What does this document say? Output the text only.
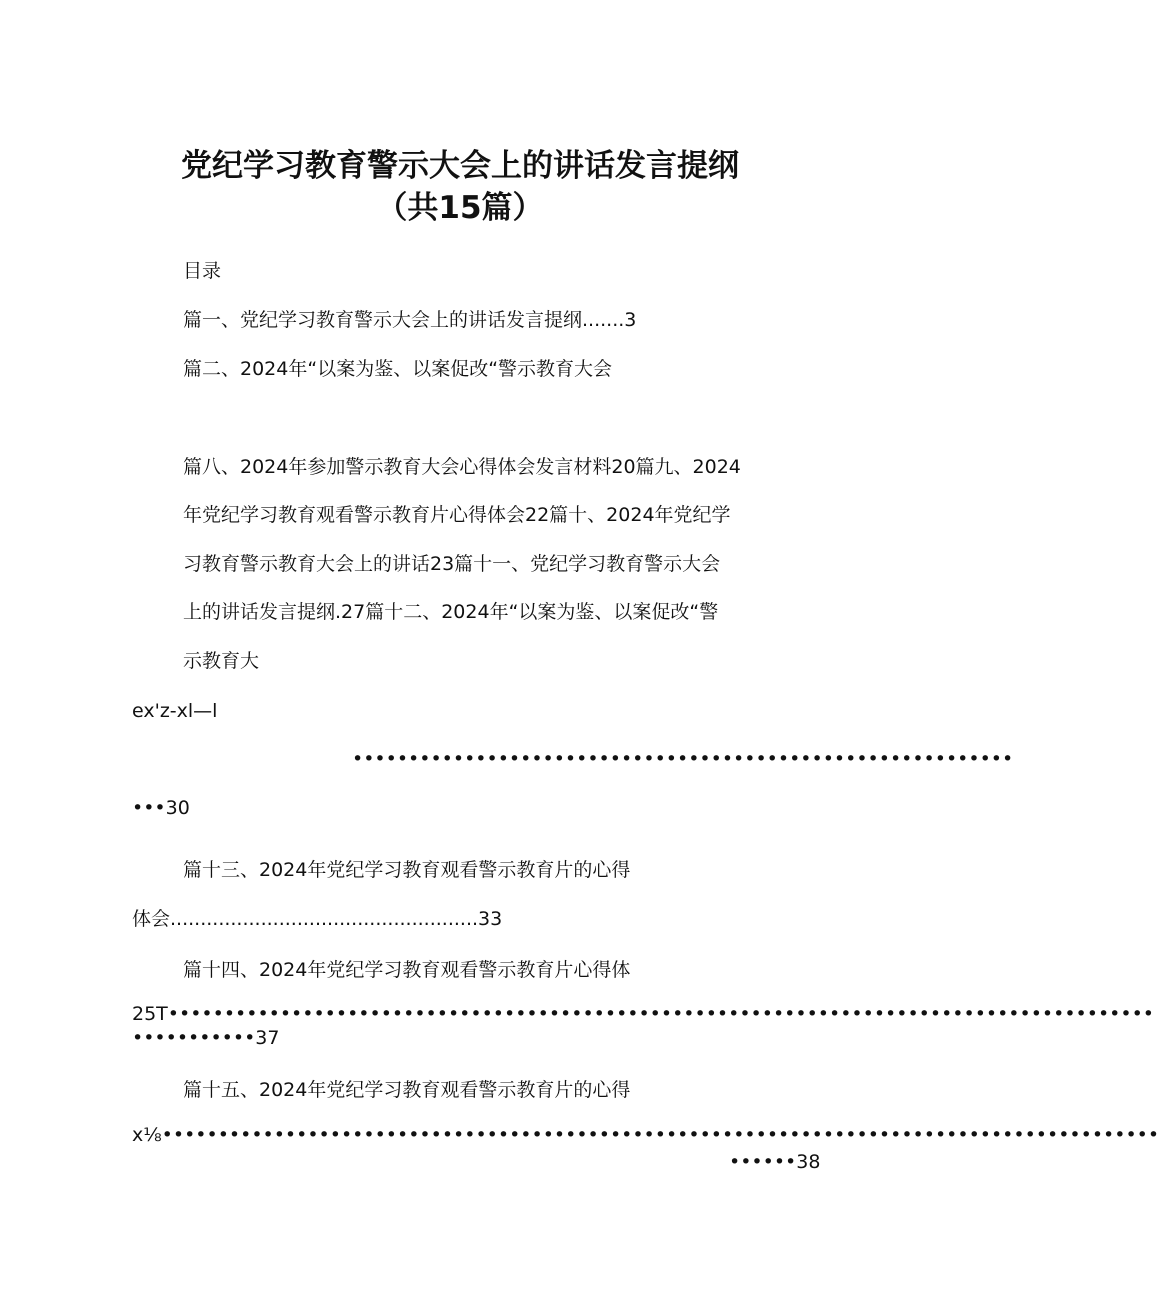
党纪学习教育警示大会上的讲话发言提纲
（共15篇）
目录
篇一、党纪学习教育警示大会上的讲话发言提纲.......3
篇二、2024年“以案为鉴、以案促改“警示教育大会
篇八、2024年参加警示教育大会心得体会发言材料20篇九、2024
年党纪学习教育观看警示教育片心得体会22篇十、2024年党纪学
习教育警示教育大会上的讲话23篇十一、党纪学习教育警示大会
上的讲话发言提纲.27篇十二、2024年“以案为鉴、以案促改“警
示教育大
ex'z-xl—l
•••••••••••••••••••••••••••••••••••••••••••••••••••••••••••
•••30
篇十三、2024年党纪学习教育观看警示教育片的心得
体会...................................................33
篇十四、2024年党纪学习教育观看警示教育片心得体
25T••••••••••••••••••••••••••••••••••••••••••••••••••••••••••••••••••••••••••••••••••••••••
•••••••••••37
篇十五、2024年党纪学习教育观看警示教育片的心得
x⅛•••••••••••••••••••••••••••••••••••••••••••••••••••••••••••••••••••••••••••••••••••••••••
••••••38
